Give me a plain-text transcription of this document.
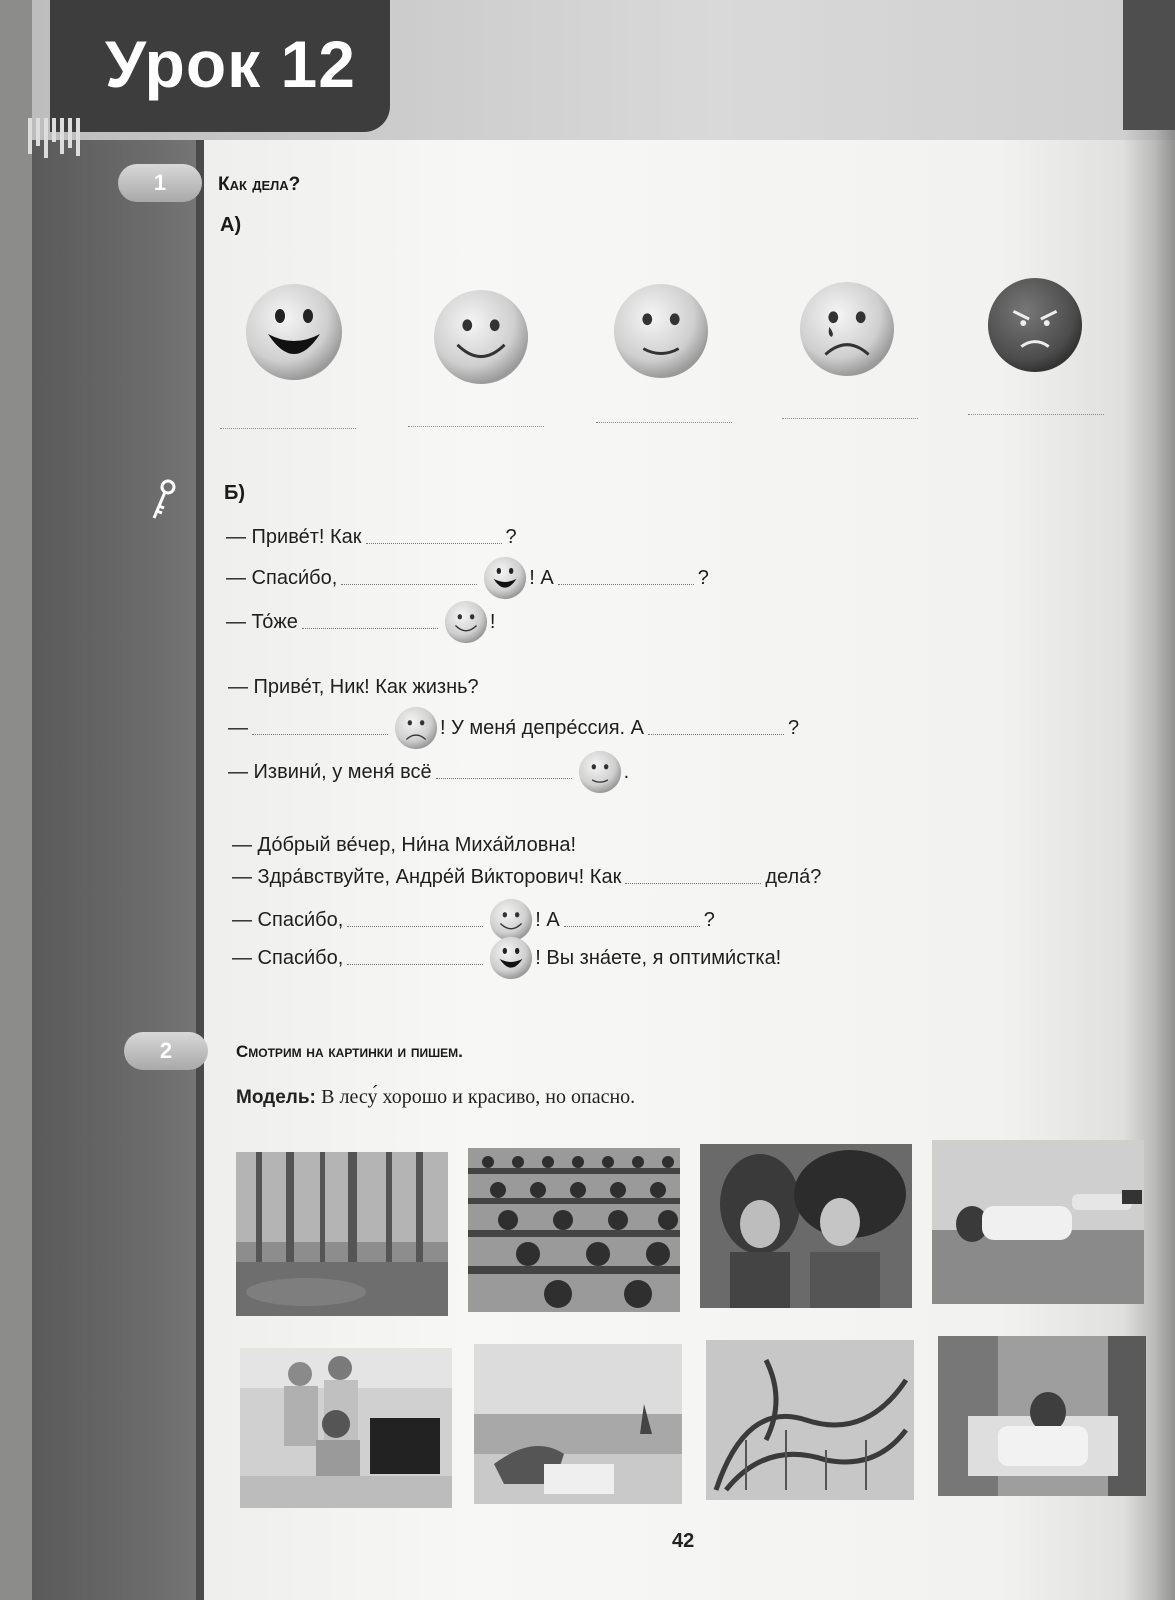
Урок 12
1	Как дела?
А)
Б)
— Приве́т! Как	?
— Спаси́бо,	! А	?
— То́же	!
— Приве́т, Ник! Как жизнь?
—	! У меня́ депре́ссия. А	?
— Извини́, у меня́ всё	.
— До́брый ве́чер, Ни́на Миха́йловна!
— Здра́вствуйте, Андре́й Ви́кторович! Как	дела́?
— Спаси́бо,	! А	?
— Спаси́бо,	! Вы зна́ете, я оптими́стка!
2	Смотрим на картинки и пишем.
Модель: В лесу́ хорошо и красиво, но опасно.
42
